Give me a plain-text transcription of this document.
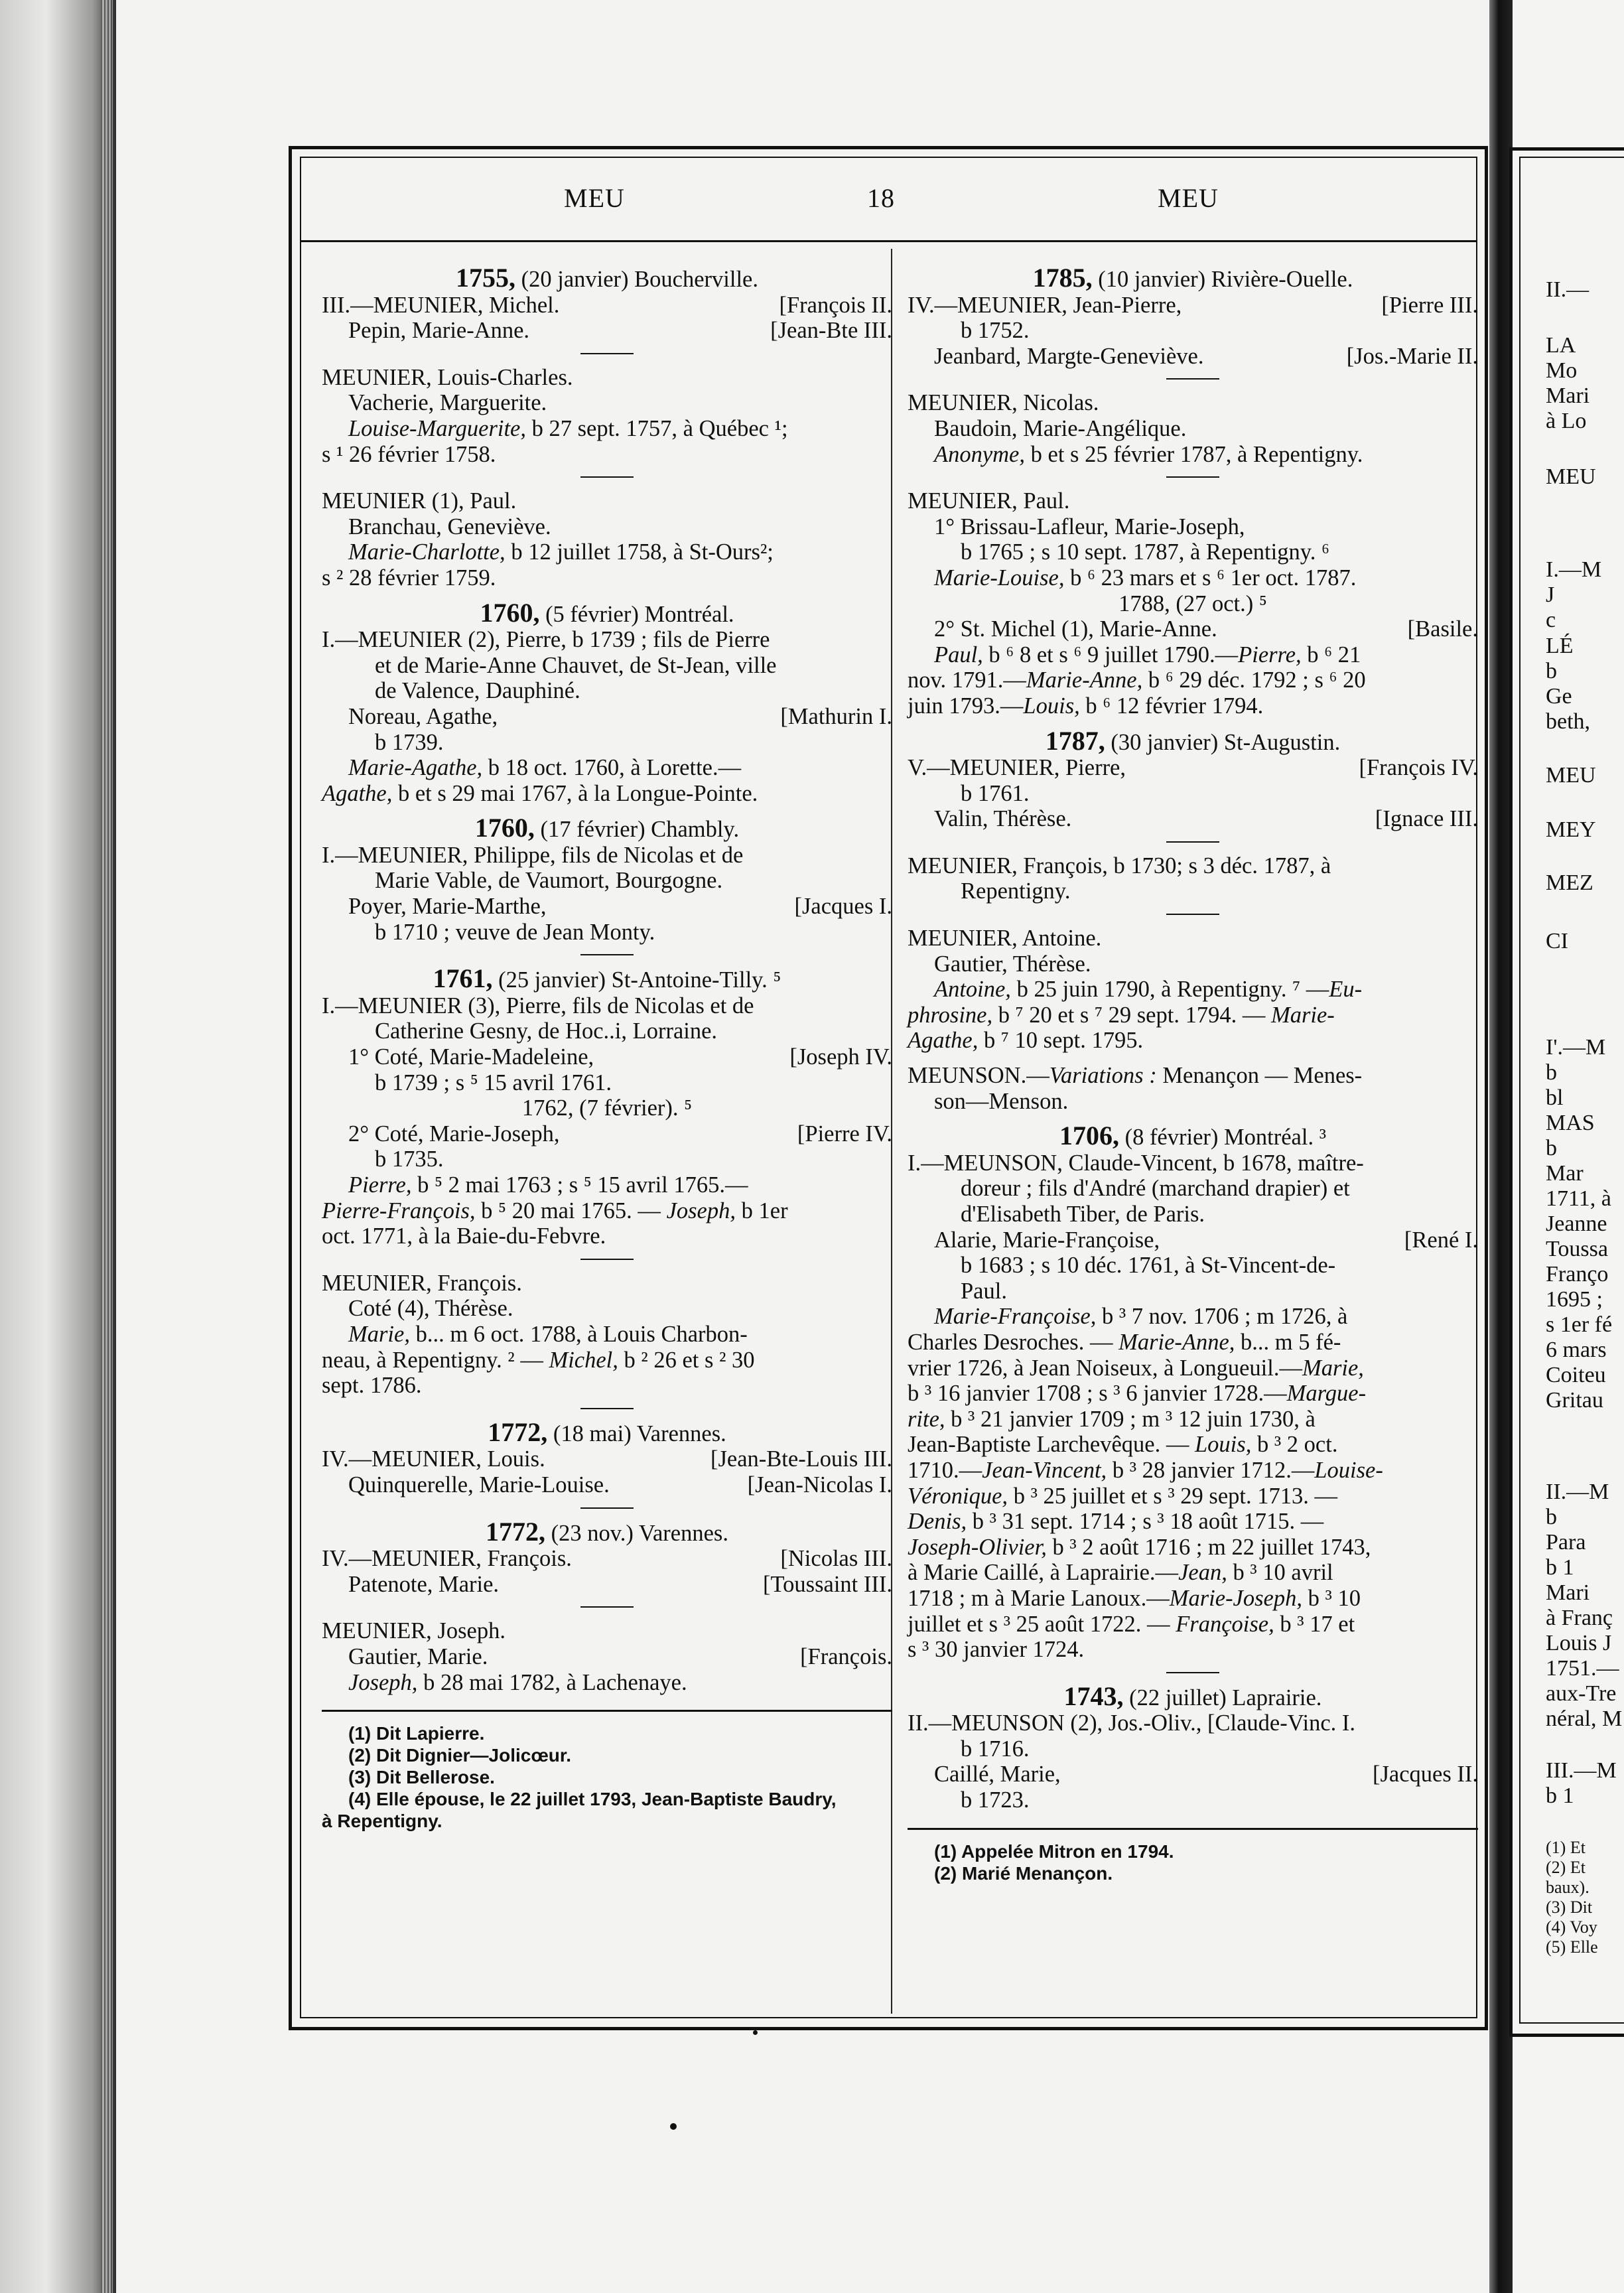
MEU	18	MEU
1755, (20 janvier) Boucherville.
III.—MEUNIER, Michel.	[François II.
Pepin, Marie-Anne.	[Jean-Bte III.
MEUNIER, Louis-Charles.
Vacherie, Marguerite.
Louise-Marguerite, b 27 sept. 1757, à Québec ¹;
s ¹ 26 février 1758.
MEUNIER (1), Paul.
Branchau, Geneviève.
Marie-Charlotte, b 12 juillet 1758, à St-Ours²;
s ² 28 février 1759.
1760, (5 février) Montréal.
I.—MEUNIER (2), Pierre, b 1739 ; fils de Pierre
et de Marie-Anne Chauvet, de St-Jean, ville
de Valence, Dauphiné.
Noreau, Agathe,	[Mathurin I.
b 1739.
Marie-Agathe, b 18 oct. 1760, à Lorette.—
Agathe, b et s 29 mai 1767, à la Longue-Pointe.
1760, (17 février) Chambly.
I.—MEUNIER, Philippe, fils de Nicolas et de
Marie Vable, de Vaumort, Bourgogne.
Poyer, Marie-Marthe,	[Jacques I.
b 1710 ; veuve de Jean Monty.
1761, (25 janvier) St-Antoine-Tilly. ⁵
I.—MEUNIER (3), Pierre, fils de Nicolas et de
Catherine Gesny, de Hoc..i, Lorraine.
1° Coté, Marie-Madeleine,	[Joseph IV.
b 1739 ; s ⁵ 15 avril 1761.
1762, (7 février). ⁵
2° Coté, Marie-Joseph,	[Pierre IV.
b 1735.
Pierre, b ⁵ 2 mai 1763 ; s ⁵ 15 avril 1765.—
Pierre-François, b ⁵ 20 mai 1765. — Joseph, b 1er
oct. 1771, à la Baie-du-Febvre.
MEUNIER, François.
Coté (4), Thérèse.
Marie, b... m 6 oct. 1788, à Louis Charbon-
neau, à Repentigny. ² — Michel, b ² 26 et s ² 30
sept. 1786.
1772, (18 mai) Varennes.
IV.—MEUNIER, Louis.	[Jean-Bte-Louis III.
Quinquerelle, Marie-Louise.	[Jean-Nicolas I.
1772, (23 nov.) Varennes.
IV.—MEUNIER, François.	[Nicolas III.
Patenote, Marie.	[Toussaint III.
MEUNIER, Joseph.
Gautier, Marie.	[François.
Joseph, b 28 mai 1782, à Lachenaye.
(1) Dit Lapierre.
(2) Dit Dignier—Jolicœur.
(3) Dit Bellerose.
(4) Elle épouse, le 22 juillet 1793, Jean-Baptiste Baudry,
à Repentigny.
1785, (10 janvier) Rivière-Ouelle.
IV.—MEUNIER, Jean-Pierre,	[Pierre III.
b 1752.
Jeanbard, Margte-Geneviève.	[Jos.-Marie II.
MEUNIER, Nicolas.
Baudoin, Marie-Angélique.
Anonyme, b et s 25 février 1787, à Repentigny.
MEUNIER, Paul.
1° Brissau-Lafleur, Marie-Joseph,
b 1765 ; s 10 sept. 1787, à Repentigny. ⁶
Marie-Louise, b ⁶ 23 mars et s ⁶ 1er oct. 1787.
1788, (27 oct.) ⁵
2° St. Michel (1), Marie-Anne.	[Basile.
Paul, b ⁶ 8 et s ⁶ 9 juillet 1790.—Pierre, b ⁶ 21
nov. 1791.—Marie-Anne, b ⁶ 29 déc. 1792 ; s ⁶ 20
juin 1793.—Louis, b ⁶ 12 février 1794.
1787, (30 janvier) St-Augustin.
V.—MEUNIER, Pierre,	[François IV.
b 1761.
Valin, Thérèse.	[Ignace III.
MEUNIER, François, b 1730; s 3 déc. 1787, à
Repentigny.
MEUNIER, Antoine.
Gautier, Thérèse.
Antoine, b 25 juin 1790, à Repentigny. ⁷ —Eu-
phrosine, b ⁷ 20 et s ⁷ 29 sept. 1794. — Marie-
Agathe, b ⁷ 10 sept. 1795.
MEUNSON.—Variations : Menançon — Menes-
son—Menson.
1706, (8 février) Montréal. ³
I.—MEUNSON, Claude-Vincent, b 1678, maître-
doreur ; fils d'André (marchand drapier) et
d'Elisabeth Tiber, de Paris.
Alarie, Marie-Françoise,	[René I.
b 1683 ; s 10 déc. 1761, à St-Vincent-de-
Paul.
Marie-Françoise, b ³ 7 nov. 1706 ; m 1726, à
Charles Desroches. — Marie-Anne, b... m 5 fé-
vrier 1726, à Jean Noiseux, à Longueuil.—Marie,
b ³ 16 janvier 1708 ; s ³ 6 janvier 1728.—Margue-
rite, b ³ 21 janvier 1709 ; m ³ 12 juin 1730, à
Jean-Baptiste Larchevêque. — Louis, b ³ 2 oct.
1710.—Jean-Vincent, b ³ 28 janvier 1712.—Louise-
Véronique, b ³ 25 juillet et s ³ 29 sept. 1713. —
Denis, b ³ 31 sept. 1714 ; s ³ 18 août 1715. —
Joseph-Olivier, b ³ 2 août 1716 ; m 22 juillet 1743,
à Marie Caillé, à Laprairie.—Jean, b ³ 10 avril
1718 ; m à Marie Lanoux.—Marie-Joseph, b ³ 10
juillet et s ³ 25 août 1722. — Françoise, b ³ 17 et
s ³ 30 janvier 1724.
1743, (22 juillet) Laprairie.
II.—MEUNSON (2), Jos.-Oliv., [Claude-Vinc. I.
b 1716.
Caillé, Marie,	[Jacques II.
b 1723.
(1) Appelée Mitron en 1794.
(2) Marié Menançon.
II.—
LA
Mo
Mari
à Lo
MEU
I.—M
J
c
LÉ
b
Ge
beth,
MEU
MEY
MEZ
CI
I'.—M
b
bl
MAS
b
Mar
1711, à
Jeanne
Toussa
Franço
1695 ;
s 1er fé
6 mars
Coiteu
Gritau
II.—M
b
Para
b 1
Mari
à Franç
Louis J
1751.—
aux-Tre
néral, M
III.—M
b 1
(1) Et
(2) Et
baux).
(3) Dit
(4) Voy
(5) Elle
